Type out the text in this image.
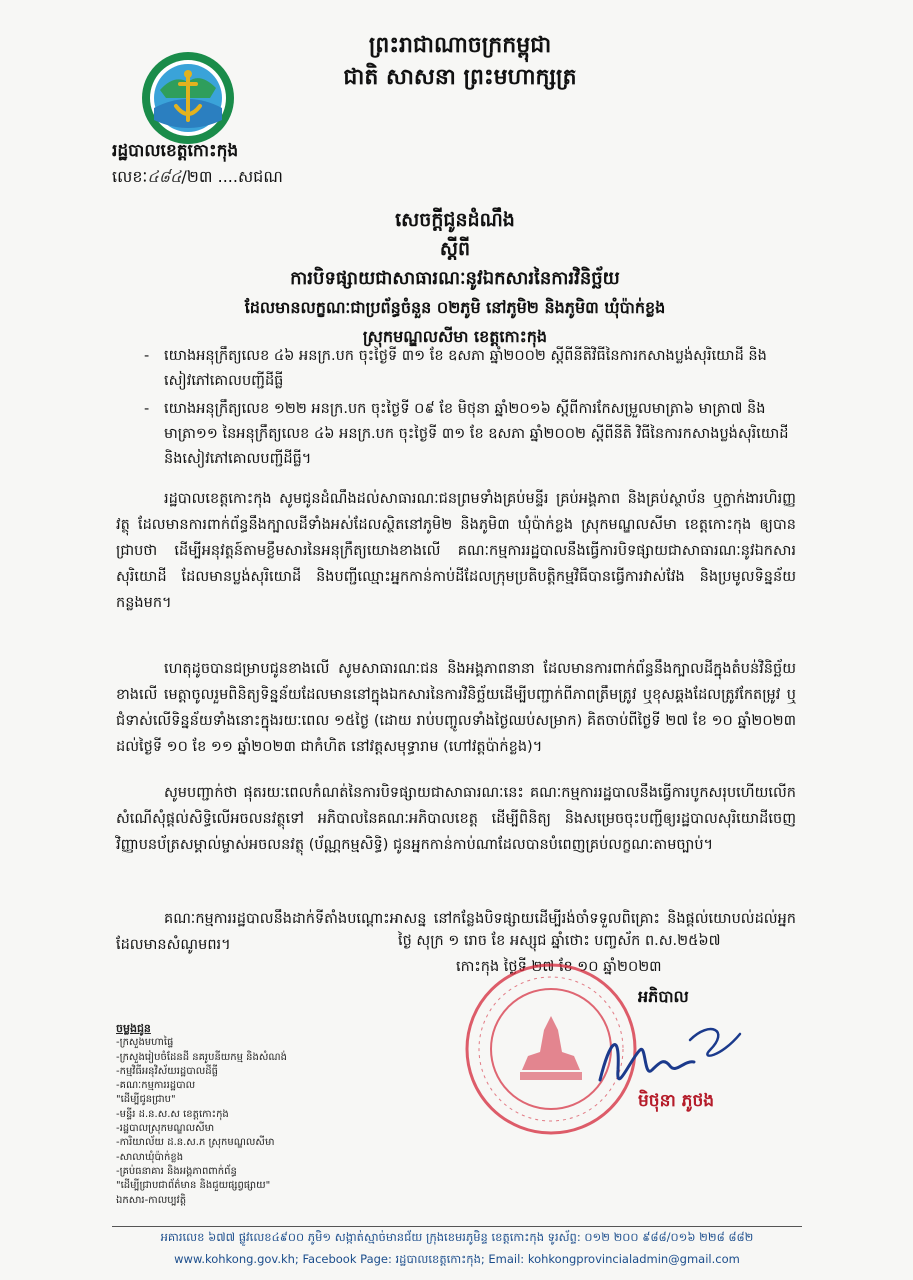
ព្រះរាជាណាចក្រកម្ពុជា
ជាតិ សាសនា ព្រះមហាក្សត្រ
រដ្ឋបាលខេត្តកោះកុង
លេខៈ៤៨៤/២៣ ....សជណ
សេចក្តីជូនដំណឹង
ស្តីពី
ការបិទផ្សាយជាសាធារណៈនូវឯកសារនៃការវិនិច្ឆ័យ
ដែលមានលក្ខណៈជាប្រព័ន្ធចំនួន ០២ភូមិ នៅភូមិ២ និងភូមិ៣ ឃុំប៉ាក់ខ្លង
ស្រុកមណ្ឌលសីមា ខេត្តកោះកុង
- យោងអនុក្រឹត្យលេខ ៤៦ អនក្រ.បក ចុះថ្ងៃទី ៣១ ខែ ឧសភា ឆ្នាំ២០០២ ស្តីពីនីតិវិធីនៃការកសាងប្លង់សុរិយោដី និងសៀវភៅគោលបញ្ជីដីធ្លី
- យោងអនុក្រឹត្យលេខ ១២២ អនក្រ.បក ចុះថ្ងៃទី ០៩ ខែ មិថុនា ឆ្នាំ២០១៦ ស្តីពីការកែសម្រួលមាត្រា៦ មាត្រា៧ និងមាត្រា១១ នៃអនុក្រឹត្យលេខ ៤៦ អនក្រ.បក ចុះថ្ងៃទី ៣១ ខែ ឧសភា ឆ្នាំ២០០២ ស្តីពីនីតិ វិធីនៃការកសាងប្លង់សុរិយោដី និងសៀវភៅគោលបញ្ជីដីធ្លី។
រដ្ឋបាលខេត្តកោះកុង សូមជូនដំណឹងដល់សាធារណៈជនព្រមទាំងគ្រប់មន្ទីរ គ្រប់អង្គភាព និងគ្រប់ស្ថាប័ន ឬក្លាក់ងារហិរញ្ញវត្ថុ ដែលមានការពាក់ព័ន្ធនឹងក្បាលដីទាំងអស់ដែលស្ថិតនៅភូមិ២ និងភូមិ៣ ឃុំប៉ាក់ខ្លង ស្រុកមណ្ឌលសីមា ខេត្តកោះកុង ឲ្យបានជ្រាបថា ដើម្បីអនុវត្តន៍តាមខ្លឹមសារនៃអនុក្រឹត្យយោងខាងលើ គណៈកម្មការរដ្ឋបាលនឹងធ្វើការបិទផ្សាយជាសាធារណៈនូវឯកសារសុរិយោដី ដែលមានប្លង់សុរិយោដី និងបញ្ជីឈ្មោះអ្នកកាន់កាប់ដីដែលក្រុមប្រតិបត្តិកម្មវិធីបានធ្វើការវាស់វែង និងប្រមូលទិន្នន័យកន្លងមក។
ហេតុដូចបានជម្រាបជូនខាងលើ សូមសាធារណៈជន និងអង្គភាពនានា ដែលមានការពាក់ព័ន្ធនឹងក្បាលដីក្នុងតំបន់វិនិច្ឆ័យខាងលើ មេត្តាចូលរួមពិនិត្យទិន្នន័យដែលមាននៅក្នុងឯកសារនៃការវិនិច្ឆ័យដើម្បីបញ្ជាក់ពីភាពត្រឹមត្រូវ ឬខុសឆ្គងដែលត្រូវកែតម្រូវ ឬជំទាស់លើទិន្នន័យទាំងនោះក្នុងរយៈពេល ១៥ថ្ងៃ (ដោយ រាប់បញ្ចូលទាំងថ្ងៃឈប់សម្រាក) គិតចាប់ពីថ្ងៃទី ២៧ ខែ ១០ ឆ្នាំ២០២៣ ដល់ថ្ងៃទី ១០ ខែ ១១ ឆ្នាំ២០២៣ ជាកំហិត នៅវត្តសមុទ្ធារាម (ហៅវត្តប៉ាក់ខ្លង)។
សូមបញ្ជាក់ថា ផុតរយៈពេលកំណត់នៃការបិទផ្សាយជាសាធារណៈនេះ គណៈកម្មការរដ្ឋបាលនឹងធ្វើការបូកសរុបហើយលើកសំណើសុំផ្តល់សិទ្ធិលើអចលនវត្ថុទៅ អភិបាលនៃគណៈអភិបាលខេត្ត ដើម្បីពិនិត្យ និងសម្រេចចុះបញ្ជីឲ្យរដ្ឋបាលសុរិយោដីចេញវិញ្ញាបនប័ត្រសម្គាល់ម្ចាស់អចលនវត្ថុ (ប័ណ្ណកម្មសិទ្ធិ) ជូនអ្នកកាន់កាប់ណាដែលបានបំពេញគ្រប់លក្ខណៈតាមច្បាប់។
គណៈកម្មការរដ្ឋបាលនឹងដាក់ទីតាំងបណ្តោះអាសន្ន នៅកន្លែងបិទផ្សាយដើម្បីរង់ចាំទទួលពិគ្រោះ និងផ្តល់យោបល់ដល់អ្នកដែលមានសំណូមពរ។	ថ្ងៃ សុក្រ ១ រោច ខែ អស្សុជ ឆ្នាំថោះ បញ្ចស័ក ព.ស.២៥៦៧
កោះកុង ថ្ងៃទី ២៧ ខែ ១០ ឆ្នាំ២០២៣
អភិបាល
មិថុនា ភូថង
ចម្លងជូន
-ក្រសួងមហាផ្ទៃ
-ក្រសួងរៀបចំដែនដី នគរូបនីយកម្ម និងសំណង់
-កម្មវិធីអនុវិស័យរដ្ឋបាលដីធ្លី
-គណៈកម្មការរដ្ឋបាល
"ដើម្បីជូនជ្រាប"
-មន្ទីរ ដ.ន.ស.ស ខេត្តកោះកុង
-រដ្ឋបាលស្រុកមណ្ឌលសីមា
-ការិយាល័យ ដ.ន.ស.ភ ស្រុកមណ្ឌលសីមា
-សាលាឃុំប៉ាក់ខ្លង
-គ្រប់ធនាគារ និងអង្គភាពពាក់ព័ន្ធ
"ដើម្បីជ្រាបជាព័ត៌មាន និងជួយផ្សព្វផ្សាយ"
ឯកសារ-កាលប្បវត្តិ
អគារលេខ ៦៧៧ ផ្លូវលេខ៤៩០០ ភូមិ១ សង្កាត់ស្មាច់មានជ័យ ក្រុងខេមរភូមិន្ទ ខេត្តកោះកុង ទូរស័ព្ទ: ០១២ ២០០ ៩៨៨/០១៦ ២២៨ ៨៨២
www.kohkong.gov.kh; Facebook Page: រដ្ឋបាលខេត្តកោះកុង; Email: kohkongprovincialadmin@gmail.com
